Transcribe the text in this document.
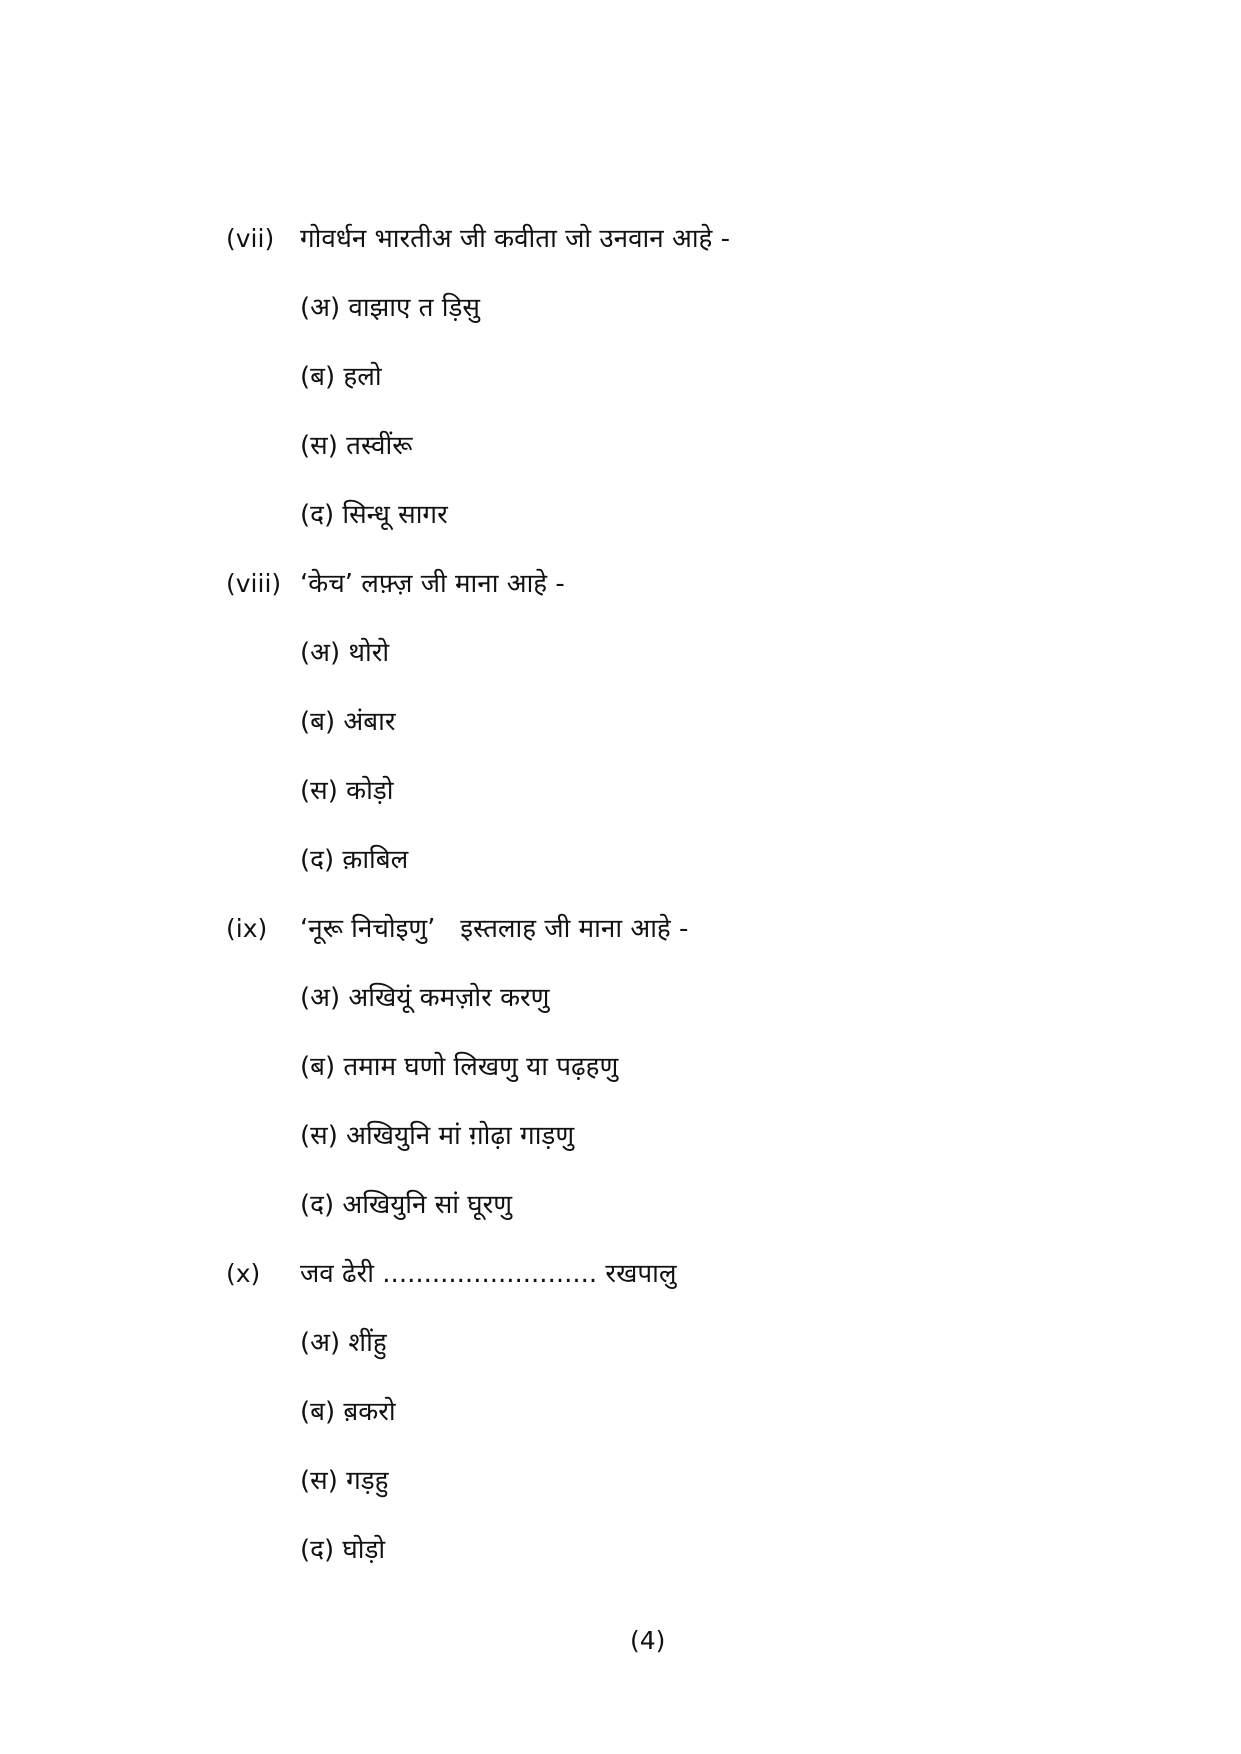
(vii) गोवर्धन भारतीअ जी कवीता जो उनवान आहे -
(अ) वाझाए त ड़िसु
(ब) हलो
(स) तस्वींरू
(द) सिन्धू सागर
(viii) ‘केच’ लफ़्ज़ जी माना आहे -
(अ) थोरो
(ब) अंबार
(स) कोड़ो
(द) क़ाबिल
(ix) ‘नूरू निचोइणु’   इस्तलाह जी माना आहे -
(अ) अखियूं कमज़ोर करणु
(ब) तमाम घणो लिखणु या पढ़हणु
(स) अखियुनि मां ग़ोढ़ा गाड़णु
(द) अखियुनि सां घूरणु
(x) जव ढेरी .......................... रखपालु
(अ) शींहु
(ब) ब़करो
(स) गड़हु
(द) घोड़ो
(4)
